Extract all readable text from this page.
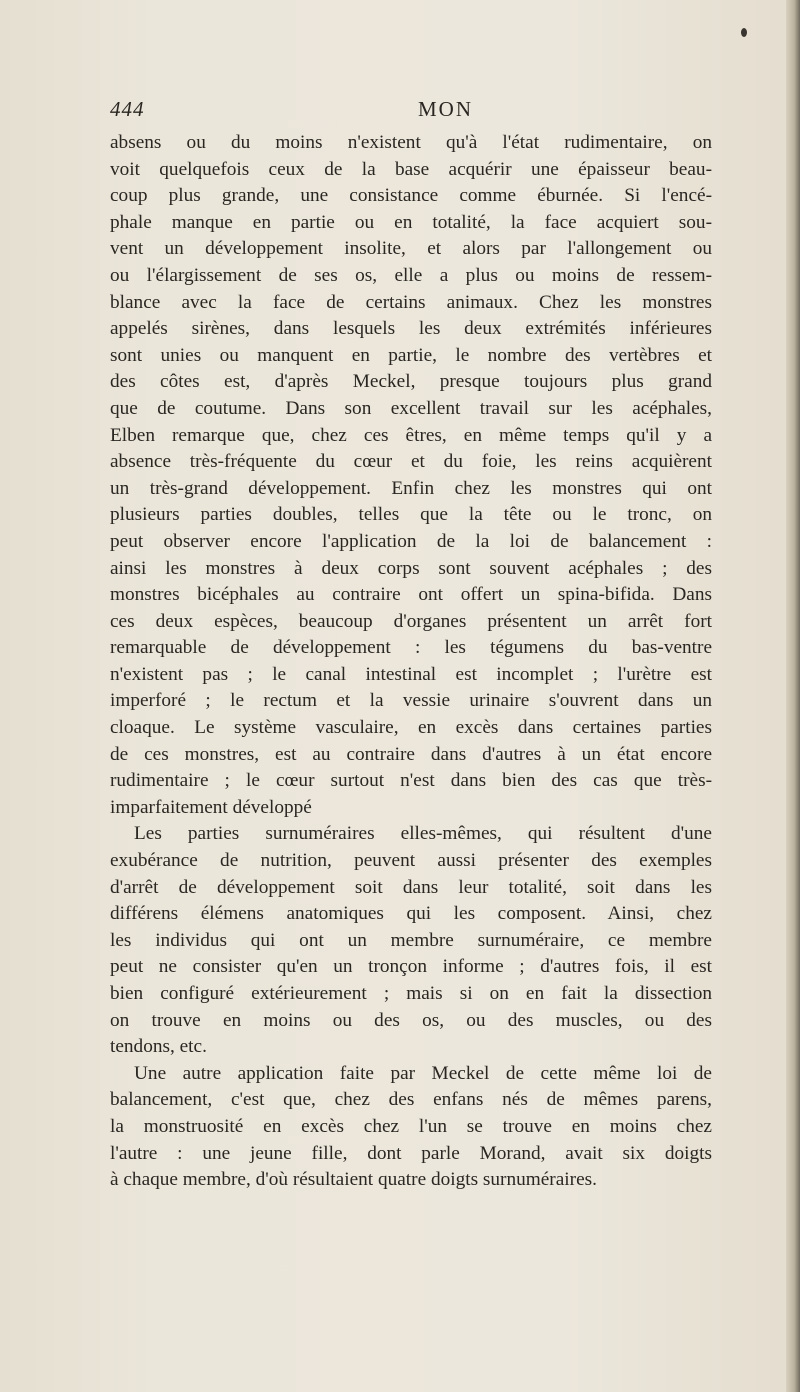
444	MON
absens ou du moins n'existent qu'à l'état rudimentaire, on
voit quelquefois ceux de la base acquérir une épaisseur beau-
coup plus grande, une consistance comme éburnée. Si l'encé-
phale manque en partie ou en totalité, la face acquiert sou-
vent un développement insolite, et alors par l'allongement ou
ou l'élargissement de ses os, elle a plus ou moins de ressem-
blance avec la face de certains animaux. Chez les monstres
appelés sirènes, dans lesquels les deux extrémités inférieures
sont unies ou manquent en partie, le nombre des vertèbres et
des côtes est, d'après Meckel, presque toujours plus grand
que de coutume. Dans son excellent travail sur les acéphales,
Elben remarque que, chez ces êtres, en même temps qu'il y a
absence très-fréquente du cœur et du foie, les reins acquièrent
un très-grand développement. Enfin chez les monstres qui ont
plusieurs parties doubles, telles que la tête ou le tronc, on
peut observer encore l'application de la loi de balancement :
ainsi les monstres à deux corps sont souvent acéphales ; des
monstres bicéphales au contraire ont offert un spina-bifida. Dans
ces deux espèces, beaucoup d'organes présentent un arrêt fort
remarquable de développement : les tégumens du bas-ventre
n'existent pas ; le canal intestinal est incomplet ; l'urètre est
imperforé ; le rectum et la vessie urinaire s'ouvrent dans un
cloaque. Le système vasculaire, en excès dans certaines parties
de ces monstres, est au contraire dans d'autres à un état encore
rudimentaire ; le cœur surtout n'est dans bien des cas que très-
imparfaitement développé
Les parties surnuméraires elles-mêmes, qui résultent d'une
exubérance de nutrition, peuvent aussi présenter des exemples
d'arrêt de développement soit dans leur totalité, soit dans les
différens élémens anatomiques qui les composent. Ainsi, chez
les individus qui ont un membre surnuméraire, ce membre
peut ne consister qu'en un tronçon informe ; d'autres fois, il est
bien configuré extérieurement ; mais si on en fait la dissection
on trouve en moins ou des os, ou des muscles, ou des
tendons, etc.
Une autre application faite par Meckel de cette même loi de
balancement, c'est que, chez des enfans nés de mêmes parens,
la monstruosité en excès chez l'un se trouve en moins chez
l'autre : une jeune fille, dont parle Morand, avait six doigts
à chaque membre, d'où résultaient quatre doigts surnuméraires.
